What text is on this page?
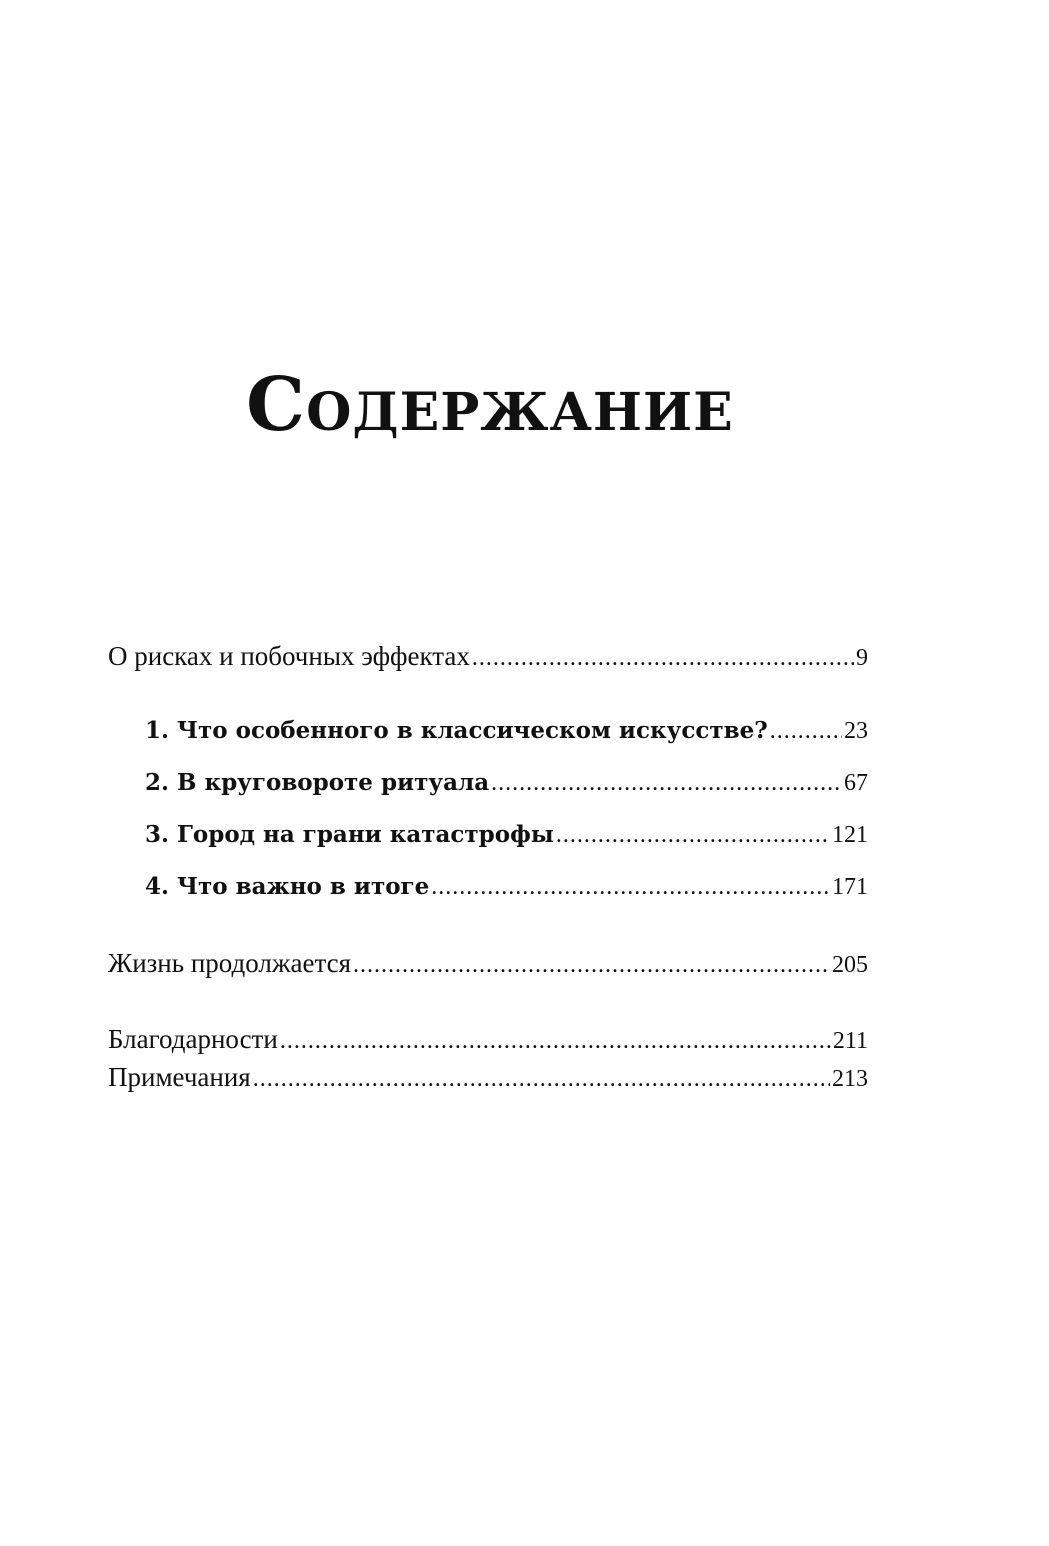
Содержание
О рисках и побочных эффектах .....	9
1. Что особенного в классическом искусстве? .....	23
2. В круговороте ритуала .....	67
3. Город на грани катастрофы .....	121
4. Что важно в итоге .....	171
Жизнь продолжается .....	205
Благодарности .....	211
Примечания .....	213
